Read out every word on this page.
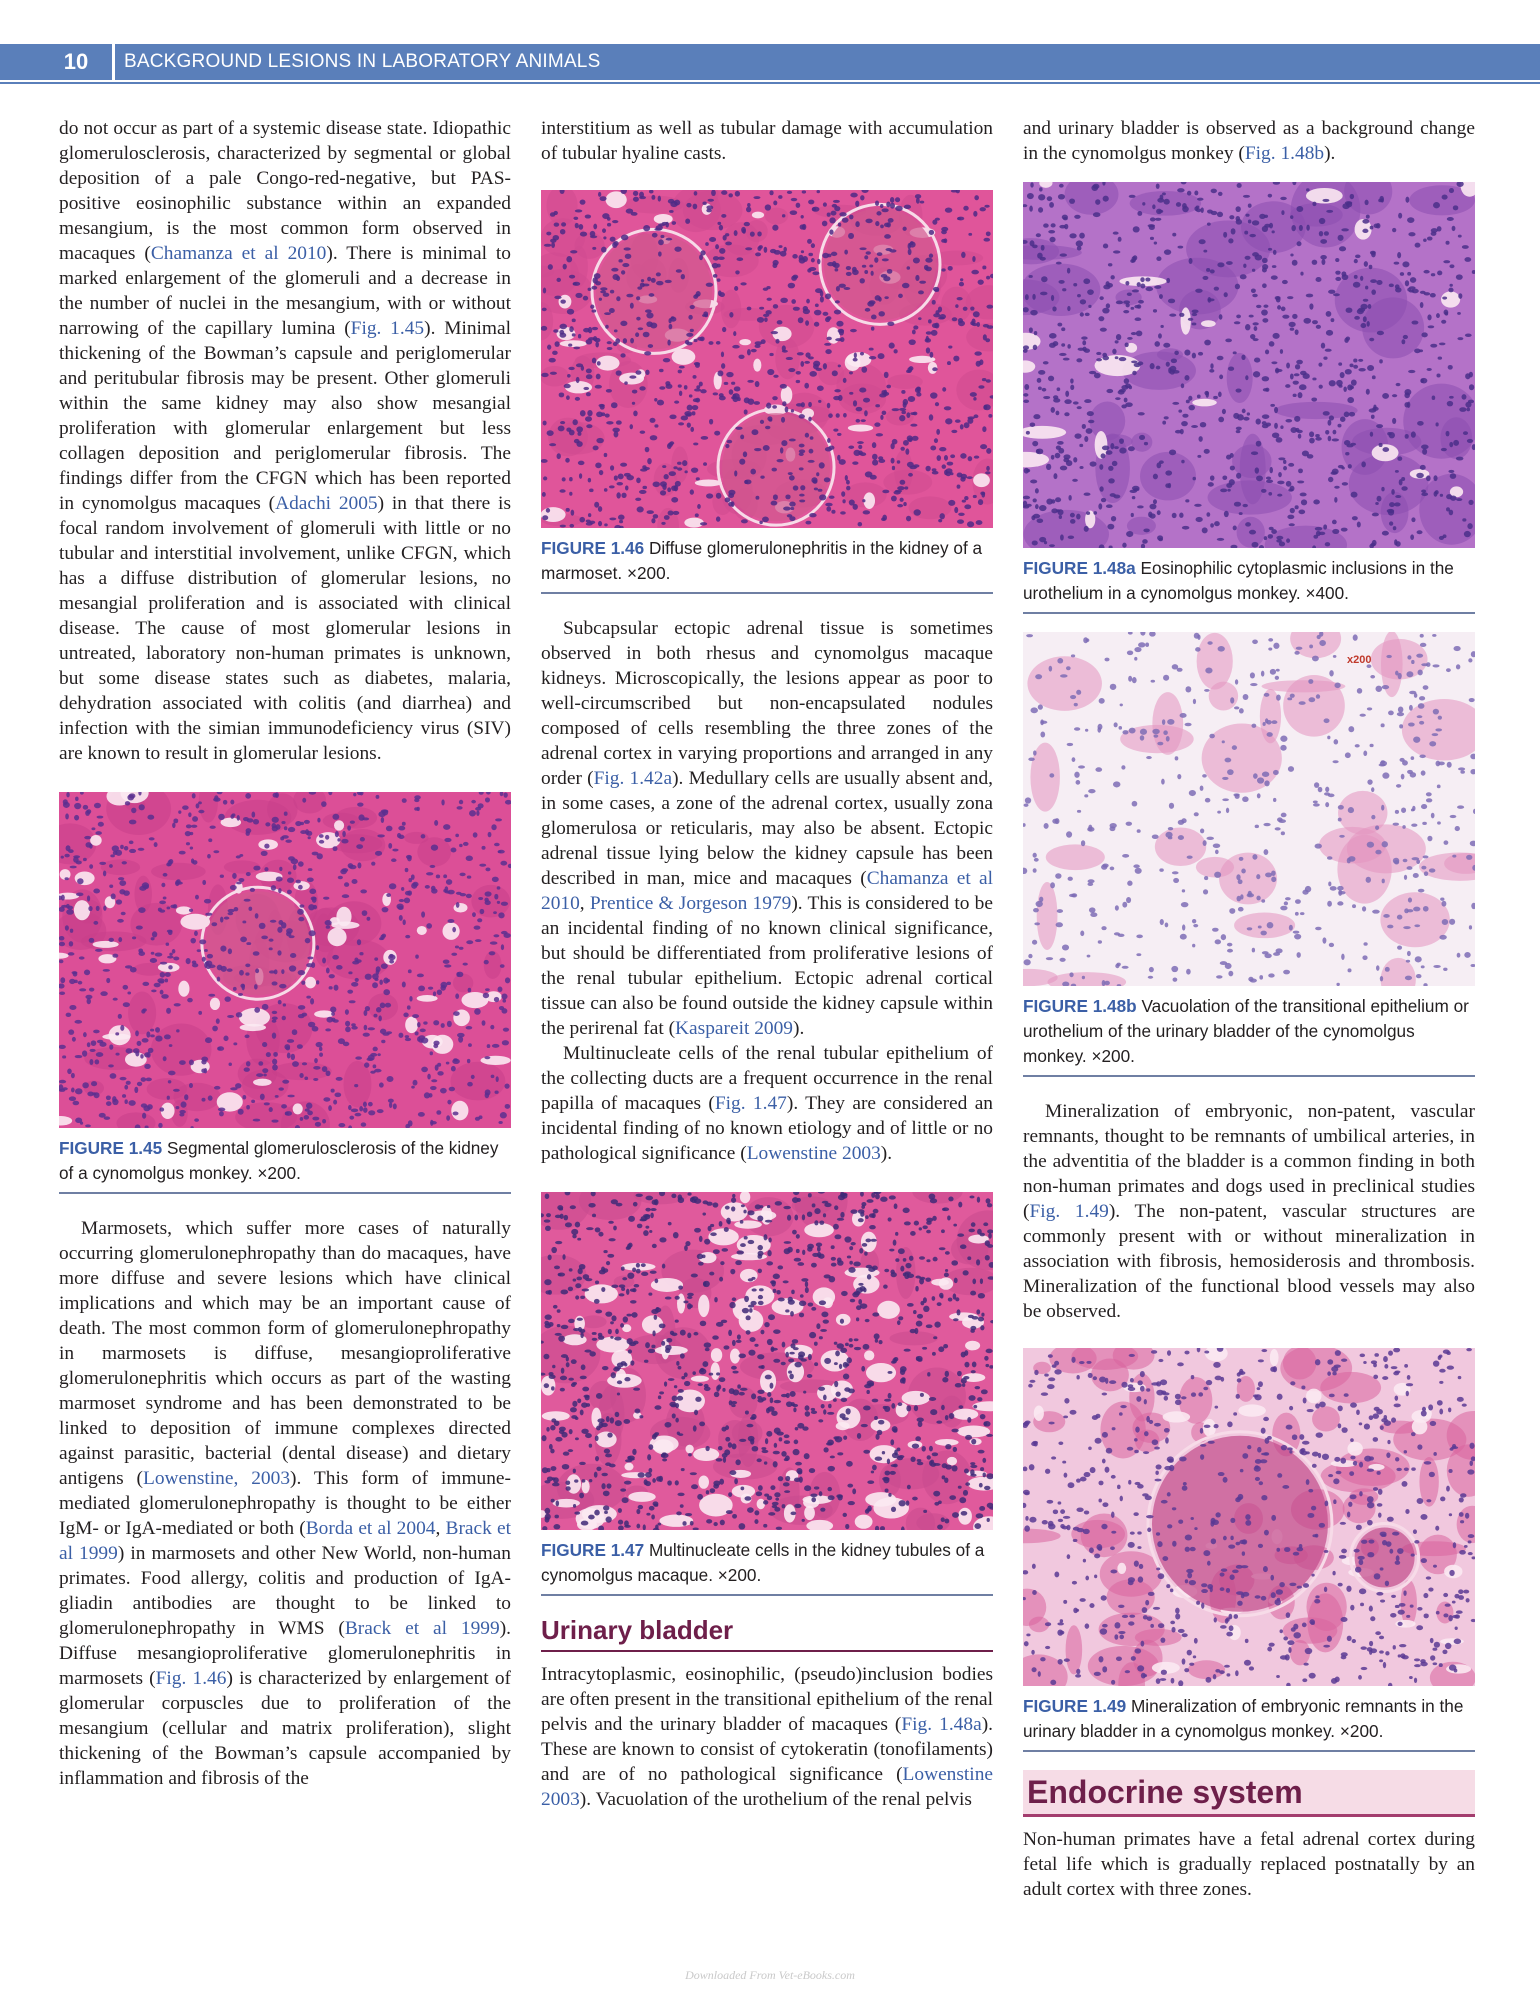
10	BACKGROUND LESIONS IN LABORATORY ANIMALS

do not occur as part of a systemic disease state. Idiopathic glomerulosclerosis, characterized by segmental or global deposition of a pale Congo-red-negative, but PAS-positive eosinophilic substance within an expanded mesangium, is the most common form observed in macaques (Chamanza et al 2010). There is minimal to marked enlargement of the glomeruli and a decrease in the number of nuclei in the mesangium, with or without narrowing of the capillary lumina (Fig. 1.45). Minimal thickening of the Bowman’s capsule and periglomerular and peritubular fibrosis may be present. Other glomeruli within the same kidney may also show mesangial proliferation with glomerular enlargement but less collagen deposition and periglomerular fibrosis. The findings differ from the CFGN which has been reported in cynomolgus macaques (Adachi 2005) in that there is focal random involvement of glomeruli with little or no tubular and interstitial involvement, unlike CFGN, which has a diffuse distribution of glomerular lesions, no mesangial proliferation and is associated with clinical disease. The cause of most glomerular lesions in untreated, laboratory non-human primates is unknown, but some disease states such as diabetes, malaria, dehydration associated with colitis (and diarrhea) and infection with the simian immunodeficiency virus (SIV) are known to result in glomerular lesions.

FIGURE 1.45 Segmental glomerulosclerosis of the kidney of a cynomolgus monkey. ×200.

Marmosets, which suffer more cases of naturally occurring glomerulonephropathy than do macaques, have more diffuse and severe lesions which have clinical implications and which may be an important cause of death. The most common form of glomerulonephropathy in marmosets is diffuse, mesangioproliferative glomerulonephritis which occurs as part of the wasting marmoset syndrome and has been demonstrated to be linked to deposition of immune complexes directed against parasitic, bacterial (dental disease) and dietary antigens (Lowenstine, 2003). This form of immune-mediated glomerulonephropathy is thought to be either IgM- or IgA-mediated or both (Borda et al 2004, Brack et al 1999) in marmosets and other New World, non-human primates. Food allergy, colitis and production of IgA-gliadin antibodies are thought to be linked to glomerulonephropathy in WMS (Brack et al 1999). Diffuse mesangioproliferative glomerulonephritis in marmosets (Fig. 1.46) is characterized by enlargement of glomerular corpuscles due to proliferation of the mesangium (cellular and matrix proliferation), slight thickening of the Bowman’s capsule accompanied by inflammation and fibrosis of the

interstitium as well as tubular damage with accumulation of tubular hyaline casts.

FIGURE 1.46 Diffuse glomerulonephritis in the kidney of a marmoset. ×200.

Subcapsular ectopic adrenal tissue is sometimes observed in both rhesus and cynomolgus macaque kidneys. Microscopically, the lesions appear as poor to well-circumscribed but non-encapsulated nodules composed of cells resembling the three zones of the adrenal cortex in varying proportions and arranged in any order (Fig. 1.42a). Medullary cells are usually absent and, in some cases, a zone of the adrenal cortex, usually zona glomerulosa or reticularis, may also be absent. Ectopic adrenal tissue lying below the kidney capsule has been described in man, mice and macaques (Chamanza et al 2010, Prentice & Jorgeson 1979). This is considered to be an incidental finding of no known clinical significance, but should be differentiated from proliferative lesions of the renal tubular epithelium. Ectopic adrenal cortical tissue can also be found outside the kidney capsule within the perirenal fat (Kaspareit 2009).

Multinucleate cells of the renal tubular epithelium of the collecting ducts are a frequent occurrence in the renal papilla of macaques (Fig. 1.47). They are considered an incidental finding of no known etiology and of little or no pathological significance (Lowenstine 2003).

FIGURE 1.47 Multinucleate cells in the kidney tubules of a cynomolgus macaque. ×200.

Urinary bladder

Intracytoplasmic, eosinophilic, (pseudo)inclusion bodies are often present in the transitional epithelium of the renal pelvis and the urinary bladder of macaques (Fig. 1.48a). These are known to consist of cytokeratin (tonofilaments) and are of no pathological significance (Lowenstine 2003). Vacuolation of the urothelium of the renal pelvis

and urinary bladder is observed as a background change in the cynomolgus monkey (Fig. 1.48b).

FIGURE 1.48a Eosinophilic cytoplasmic inclusions in the urothelium in a cynomolgus monkey. ×400.

FIGURE 1.48b Vacuolation of the transitional epithelium or urothelium of the urinary bladder of the cynomolgus monkey. ×200.

Mineralization of embryonic, non-patent, vascular remnants, thought to be remnants of umbilical arteries, in the adventitia of the bladder is a common finding in both non-human primates and dogs used in preclinical studies (Fig. 1.49). The non-patent, vascular structures are commonly present with or without mineralization in association with fibrosis, hemosiderosis and thrombosis. Mineralization of the functional blood vessels may also be observed.

FIGURE 1.49 Mineralization of embryonic remnants in the urinary bladder in a cynomolgus monkey. ×200.

Endocrine system

Non-human primates have a fetal adrenal cortex during fetal life which is gradually replaced postnatally by an adult cortex with three zones.

x200
Downloaded From Vet-eBooks.com
